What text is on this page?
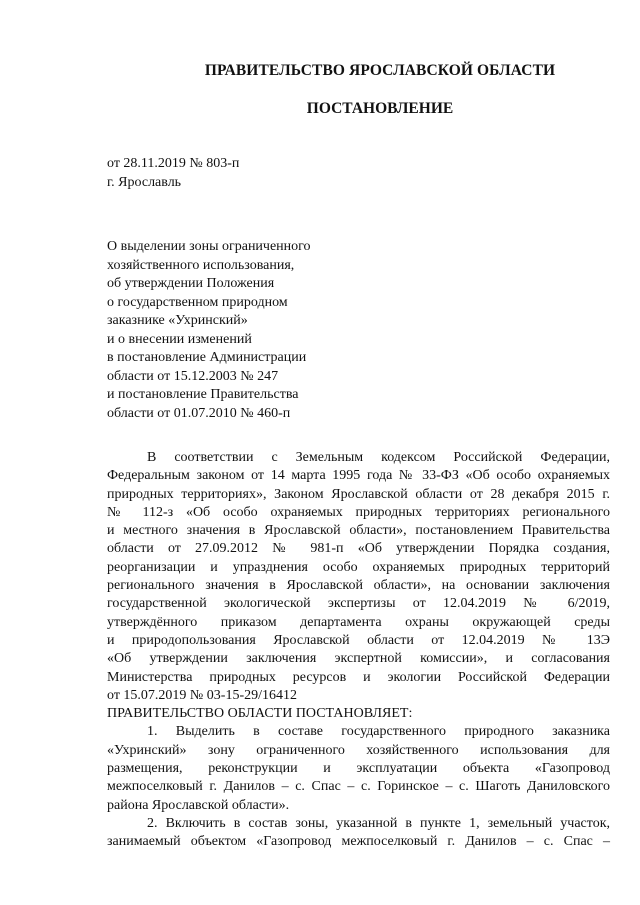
ПРАВИТЕЛЬСТВО ЯРОСЛАВСКОЙ ОБЛАСТИ
ПОСТАНОВЛЕНИЕ
от 28.11.2019 № 803-п
г. Ярославль
О выделении зоны ограниченного
хозяйственного использования,
об утверждении Положения
о государственном природном
заказнике «Ухринский»
и о внесении изменений
в постановление Администрации
области от 15.12.2003 № 247
и постановление Правительства
области от 01.07.2010 № 460-п

В соответствии с Земельным кодексом Российской Федерации,
Федеральным законом от 14 марта 1995 года № 33-ФЗ «Об особо охраняемых
природных территориях», Законом Ярославской области от 28 декабря 2015 г.
№ 112-з «Об особо охраняемых природных территориях регионального
и местного значения в Ярославской области», постановлением Правительства
области от 27.09.2012 № 981-п «Об утверждении Порядка создания,
реорганизации и упразднения особо охраняемых природных территорий
регионального значения в Ярославской области», на основании заключения
государственной экологической экспертизы от 12.04.2019 № 6/2019,
утверждённого приказом департамента охраны окружающей среды
и природопользования Ярославской области от 12.04.2019 № 13Э
«Об утверждении заключения экспертной комиссии», и согласования
Министерства природных ресурсов и экологии Российской Федерации
от 15.07.2019 № 03-15-29/16412

ПРАВИТЕЛЬСТВО ОБЛАСТИ ПОСТАНОВЛЯЕТ:

1. Выделить в составе государственного природного заказника
«Ухринский» зону ограниченного хозяйственного использования для
размещения, реконструкции и эксплуатации объекта «Газопровод
межпоселковый г. Данилов – с. Спас – с. Горинское – с. Шаготь Даниловского
района Ярославской области».

2. Включить в состав зоны, указанной в пункте 1, земельный участок,
занимаемый объектом «Газопровод межпоселковый г. Данилов – с. Спас –
